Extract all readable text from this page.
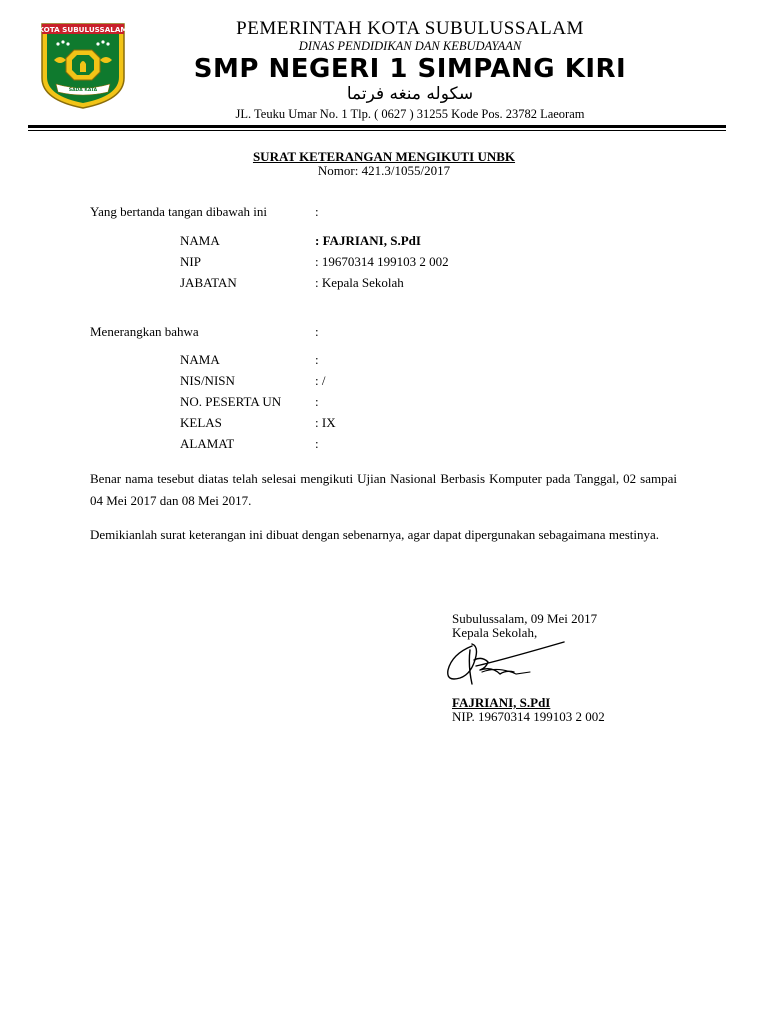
KOTA SUBULUSSALAM
SADA KATA
PEMERINTAH KOTA SUBULUSSALAM
DINAS PENDIDIKAN DAN KEBUDAYAAN
SMP NEGERI 1 SIMPANG KIRI
سكوله منغه فرتما
JL. Teuku Umar No. 1 Tlp. ( 0627 ) 31255 Kode Pos. 23782 Laeoram
SURAT KETERANGAN MENGIKUTI UNBK
Nomor: 421.3/1055/2017
Yang bertanda tangan dibawah ini	:
NAMA	: FAJRIANI, S.PdI
NIP	: 19670314 199103 2 002
JABATAN	: Kepala Sekolah
Menerangkan bahwa	:
NAMA	:
NIS/NISN	: /
NO. PESERTA UN	:
KELAS	: IX
ALAMAT	:
Benar nama tesebut diatas telah selesai mengikuti Ujian Nasional Berbasis Komputer pada Tanggal, 02 sampai 04 Mei 2017 dan 08 Mei 2017.
Demikianlah surat keterangan ini dibuat dengan sebenarnya, agar dapat dipergunakan sebagaimana mestinya.
Subulussalam, 09 Mei 2017
Kepala Sekolah,
FAJRIANI, S.PdI
NIP. 19670314 199103 2 002
